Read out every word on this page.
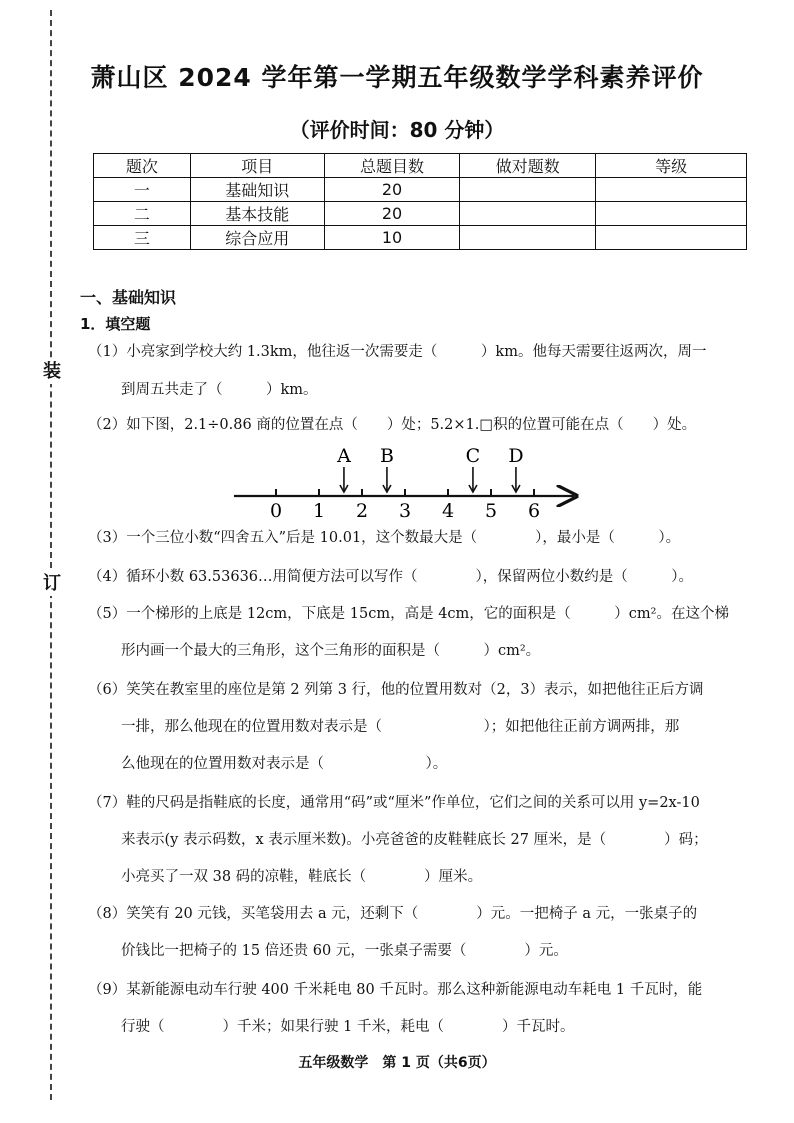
装
订
萧山区 2024 学年第一学期五年级数学学科素养评价
（评价时间：80 分钟）
题次	项目	总题目数	做对题数	等级
一	基础知识	20		
二	基本技能	20		
三	综合应用	10		
一、基础知识
1．填空题
（1）小亮家到学校大约 1.3km，他往返一次需要走（　　　）km。他每天需要往返两次，周一
到周五共走了（　　　）km。
（2）如下图，2.1÷0.86 商的位置在点（　　）处；5.2×1.□积的位置可能在点（　　）处。
0 1 2 3 4 5 6
A B	C D
（3）一个三位小数“四舍五入”后是 10.01，这个数最大是（　　　　），最小是（　　　）。
（4）循环小数 63.53636…用简便方法可以写作（　　　　），保留两位小数约是（　　　）。
（5）一个梯形的上底是 12cm，下底是 15cm，高是 4cm，它的面积是（　　　）cm²。在这个梯
形内画一个最大的三角形，这个三角形的面积是（　　　）cm²。
（6）笑笑在教室里的座位是第 2 列第 3 行，他的位置用数对（2，3）表示，如把他往正后方调
一排，那么他现在的位置用数对表示是（　　　　　　　）；如把他往正前方调两排，那
么他现在的位置用数对表示是（　　　　　　　）。
（7）鞋的尺码是指鞋底的长度，通常用“码”或“厘米”作单位，它们之间的关系可以用 y=2x-10
来表示(y 表示码数，x 表示厘米数)。小亮爸爸的皮鞋鞋底长 27 厘米，是（　　　　）码；
小亮买了一双 38 码的凉鞋，鞋底长（　　　　）厘米。
（8）笑笑有 20 元钱，买笔袋用去 a 元，还剩下（　　　　）元。一把椅子 a 元，一张桌子的
价钱比一把椅子的 15 倍还贵 60 元，一张桌子需要（　　　　）元。
（9）某新能源电动车行驶 400 千米耗电 80 千瓦时。那么这种新能源电动车耗电 1 千瓦时，能
行驶（　　　　）千米；如果行驶 1 千米，耗电（　　　　）千瓦时。
五年级数学　第 1 页（共6页）
